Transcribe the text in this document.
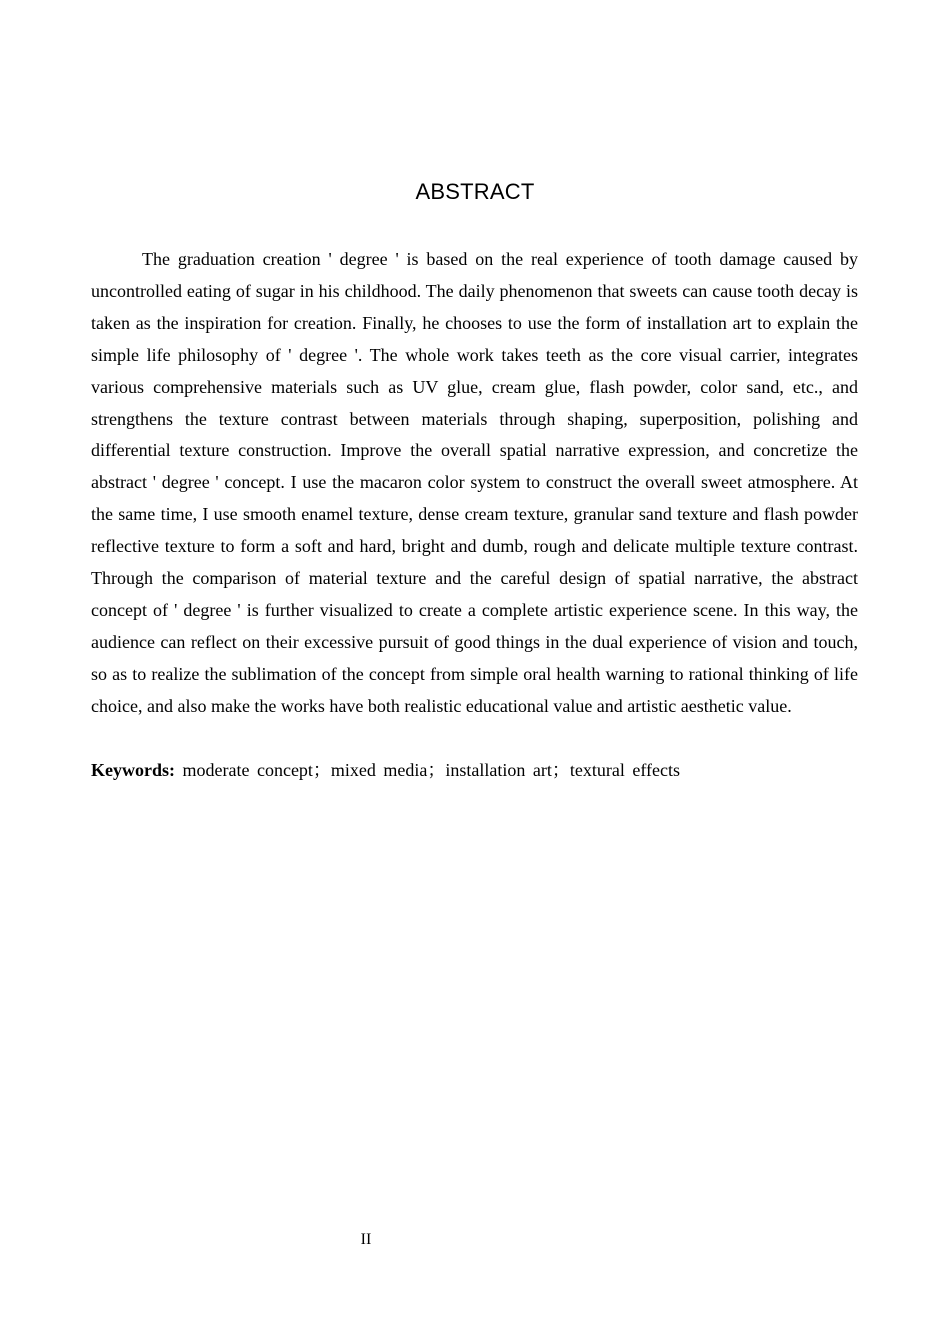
ABSTRACT

The graduation creation ' degree ' is based on the real experience of tooth damage caused by uncontrolled eating of sugar in his childhood. The daily phenomenon that sweets can cause tooth decay is taken as the inspiration for creation. Finally, he chooses to use the form of installation art to explain the simple life philosophy of ' degree '. The whole work takes teeth as the core visual carrier, integrates various comprehensive materials such as UV glue, cream glue, flash powder, color sand, etc., and strengthens the texture contrast between materials through shaping, superposition, polishing and differential texture construction. Improve the overall spatial narrative expression, and concretize the abstract ' degree ' concept. I use the macaron color system to construct the overall sweet atmosphere. At the same time, I use smooth enamel texture, dense cream texture, granular sand texture and flash powder reflective texture to form a soft and hard, bright and dumb, rough and delicate multiple texture contrast. Through the comparison of material texture and the careful design of spatial narrative, the abstract concept of ' degree ' is further visualized to create a complete artistic experience scene. In this way, the audience can reflect on their excessive pursuit of good things in the dual experience of vision and touch, so as to realize the sublimation of the concept from simple oral health warning to rational thinking of life choice, and also make the works have both realistic educational value and artistic aesthetic value.

Keywords: moderate concept；mixed media；installation art；textural effects

II
